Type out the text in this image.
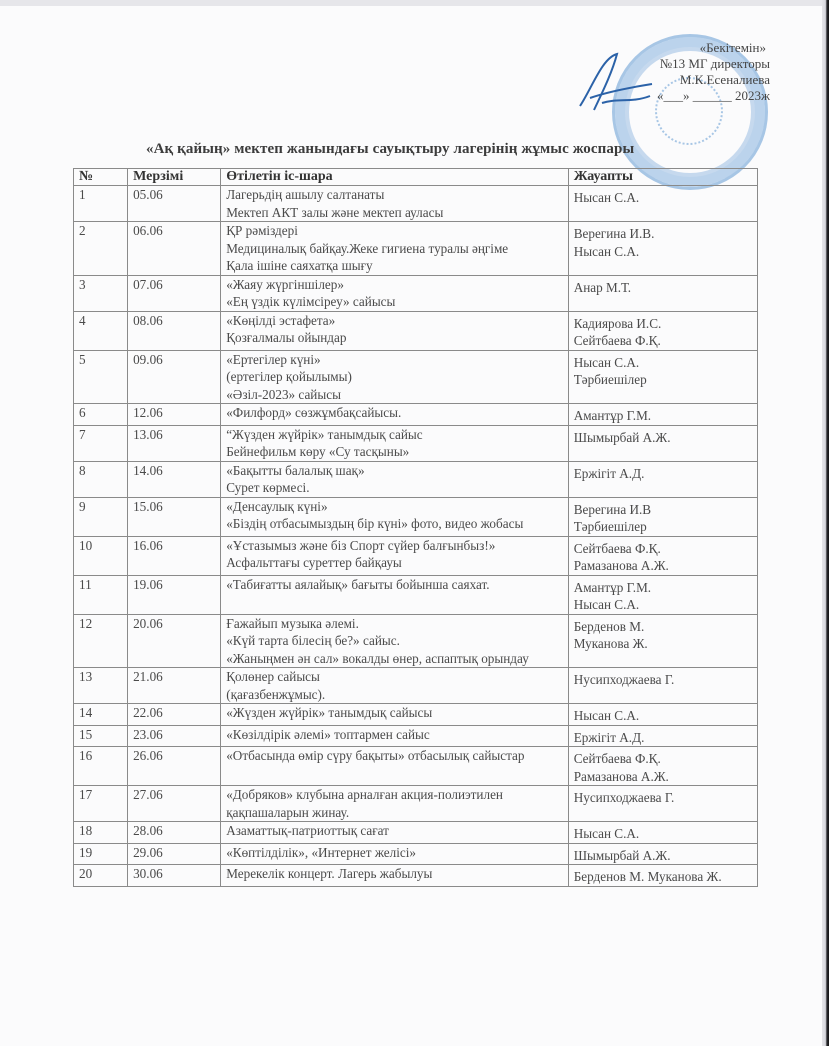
«Бекітемін»
№13 МГ директоры
М.К.Есеналиева
«___» ______ 2023ж
«Ақ қайың» мектеп жанындағы сауықтыру лагерінің жұмыс жоспары
№	Мерзімі	Өтілетін іс-шара	Жауапты
1	05.06	Лагерьдің ашылу салтанаты
Мектеп АКТ залы және мектеп ауласы	Нысан С.А.

2	06.06	ҚР рәміздері
Медициналық байқау.Жеке гигиена туралы әңгіме
Қала ішіне саяхатқа шығу	Верегина И.В.
Нысан С.А.

3	07.06	«Жаяу жүргіншілер»
«Ең үздік күлімсіреу» сайысы	Анар М.Т.

4	08.06	«Көңілді эстафета»
Қозғалмалы ойындар	Кадиярова И.С.
Сейтбаева Ф.Қ.

5	09.06	«Ертегілер күні»
(ертегілер қойылымы)
«Әзіл-2023» сайысы	Нысан С.А.
Тәрбиешілер

6	12.06	«Филфорд» сөзжұмбақсайысы.	Амантұр Г.М.

7	13.06	“Жүзден жүйрік» танымдық сайыс
Бейнефильм көру «Су тасқыны»	Шымырбай А.Ж.

8	14.06	«Бақытты балалық шақ»
Сурет көрмесі.	Ержігіт А.Д.

9	15.06	«Денсаулық күні»
«Біздің отбасымыздың бір күні» фото, видео жобасы	Верегина И.В
Тәрбиешілер

10	16.06	«Ұстазымыз және біз Спорт сүйер балғынбыз!»
Асфальттағы суреттер байқауы	Сейтбаева Ф.Қ.
Рамазанова А.Ж.

11	19.06	«Табиғатты аялайық» бағыты бойынша саяхат.	Амантұр Г.М.
Нысан С.А.

12	20.06	Ғажайып музыка әлемі.
«Күй тарта білесің бе?» сайыс.
«Жаныңмен ән сал» вокалды өнер, аспаптық орындау	Берденов М.
Муканова Ж.

13	21.06	Қолөнер сайысы
(қағазбенжұмыс).	Нусипходжаева Г.

14	22.06	«Жүзден жүйрік» танымдық сайысы	Нысан С.А.

15	23.06	«Көзілдірік әлемі» топтармен сайыс	Ержігіт А.Д.

16	26.06	«Отбасында өмір сүру бақыты» отбасылық сайыстар	Сейтбаева Ф.Қ.
Рамазанова А.Ж.

17	27.06	«Добряков» клубына арналған акция-полиэтилен қақпашаларын жинау.	Нусипходжаева Г.

18	28.06	Азаматтық-патриоттық сағат	Нысан С.А.

19	29.06	«Көптілділік», «Интернет желісі»	Шымырбай А.Ж.

20	30.06	Мерекелік концерт. Лагерь жабылуы	Берденов М. Муканова Ж.
